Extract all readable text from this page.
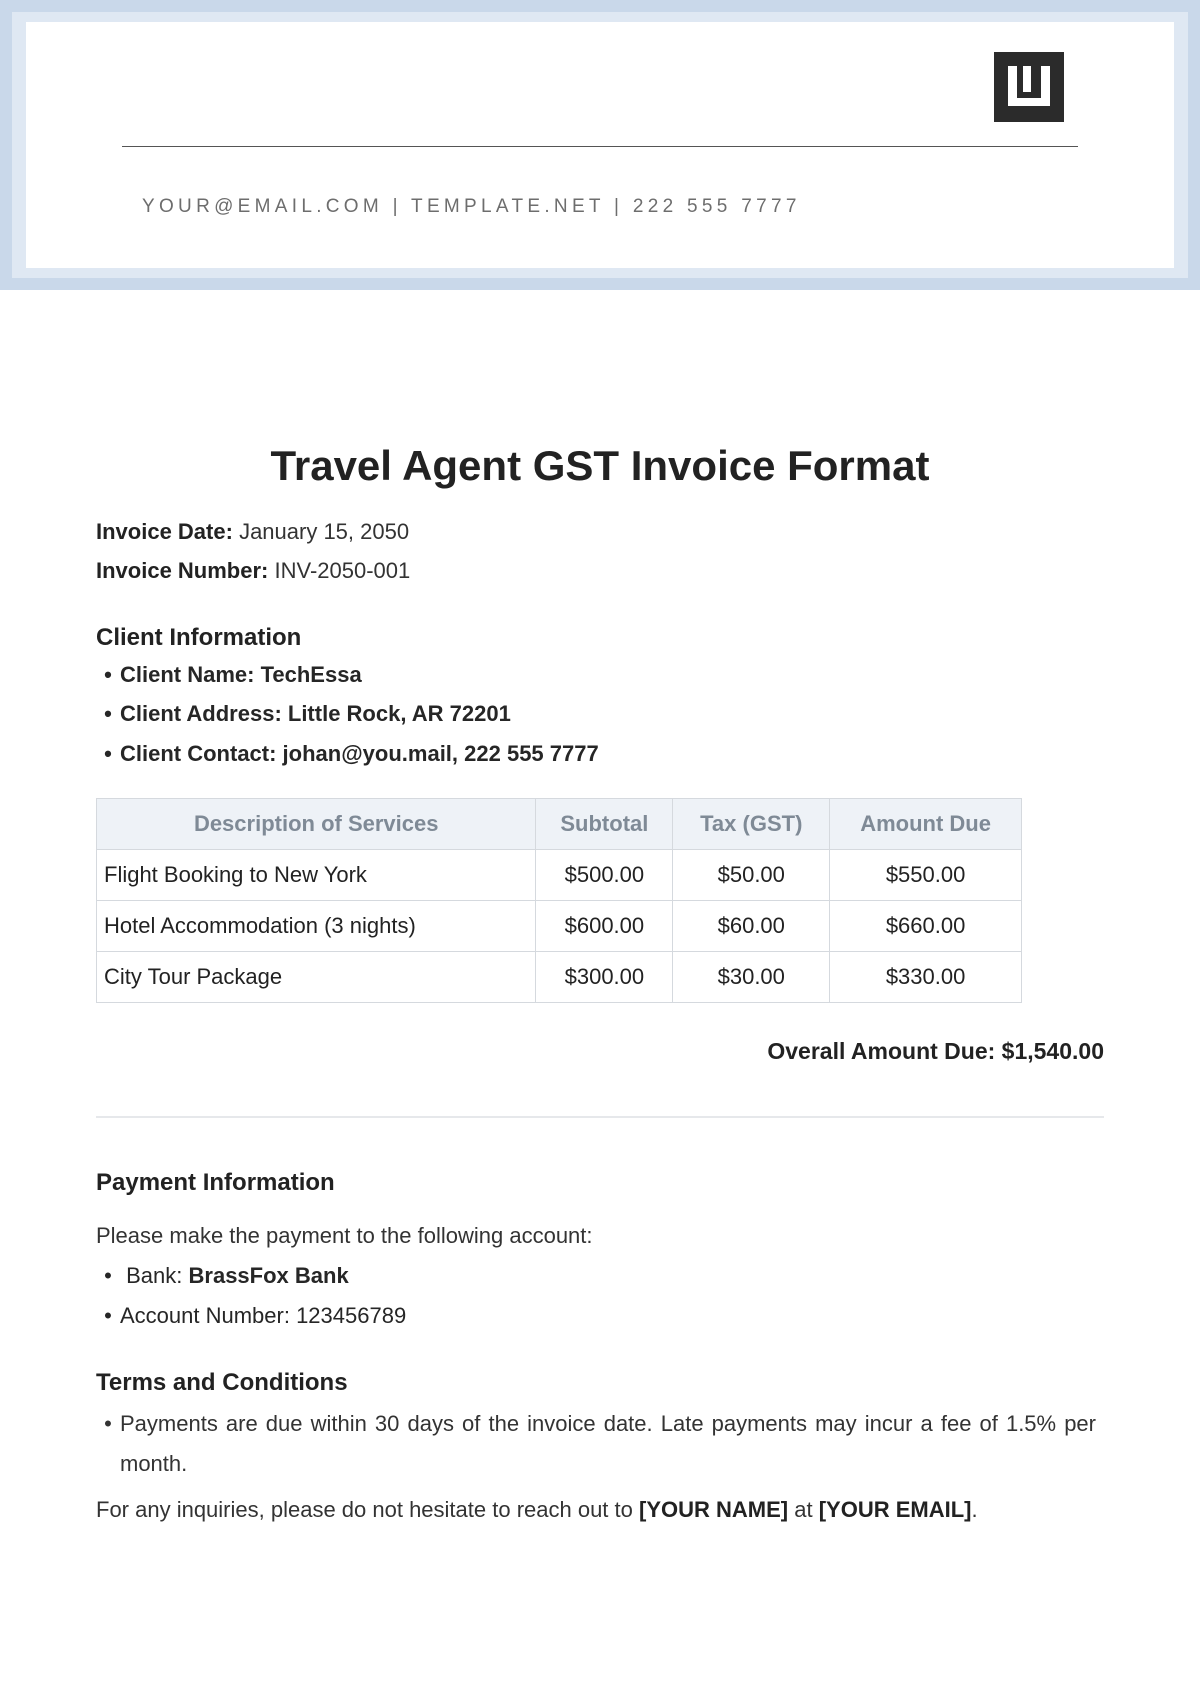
YOUR@EMAIL.COM | TEMPLATE.NET | 222 555 7777
Travel Agent GST Invoice Format
Invoice Date: January 15, 2050
Invoice Number: INV-2050-001
Client Information
• Client Name: TechEssa
• Client Address: Little Rock, AR 72201
• Client Contact: johan@you.mail, 222 555 7777
Description of Services	Subtotal	Tax (GST)	Amount Due
Flight Booking to New York	$500.00	$50.00	$550.00
Hotel Accommodation (3 nights)	$600.00	$60.00	$660.00
City Tour Package	$300.00	$30.00	$330.00
Overall Amount Due: $1,540.00
Payment Information
Please make the payment to the following account:
• Bank: BrassFox Bank
• Account Number: 123456789
Terms and Conditions
• Payments are due within 30 days of the invoice date. Late payments may incur a fee of 1.5% per month.
For any inquiries, please do not hesitate to reach out to [YOUR NAME] at [YOUR EMAIL].
